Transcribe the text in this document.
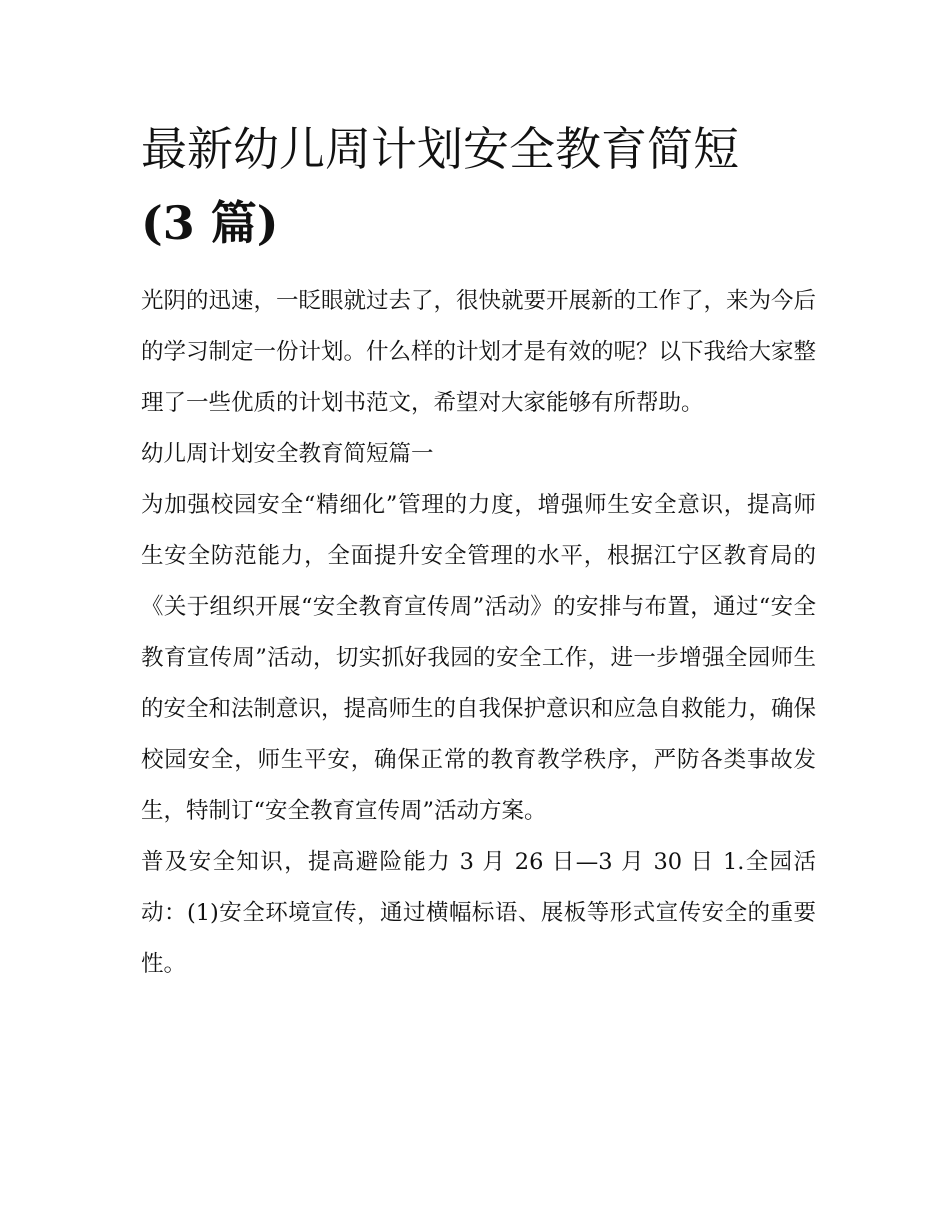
最新幼儿周计划安全教育简短
(3 篇)

光阴的迅速，一眨眼就过去了，很快就要开展新的工作了，来为今后的学习制定一份计划。什么样的计划才是有效的呢？以下我给大家整理了一些优质的计划书范文，希望对大家能够有所帮助。

幼儿周计划安全教育简短篇一

为加强校园安全“精细化”管理的力度，增强师生安全意识，提高师生安全防范能力，全面提升安全管理的水平，根据江宁区教育局的《关于组织开展“安全教育宣传周”活动》的安排与布置，通过“安全教育宣传周”活动，切实抓好我园的安全工作，进一步增强全园师生的安全和法制意识，提高师生的自我保护意识和应急自救能力，确保校园安全，师生平安，确保正常的教育教学秩序，严防各类事故发生，特制订“安全教育宣传周”活动方案。

普及安全知识，提高避险能力 3 月 26 日—3 月 30 日 1.全园活动：(1)安全环境宣传，通过横幅标语、展板等形式宣传安全的重要性。
